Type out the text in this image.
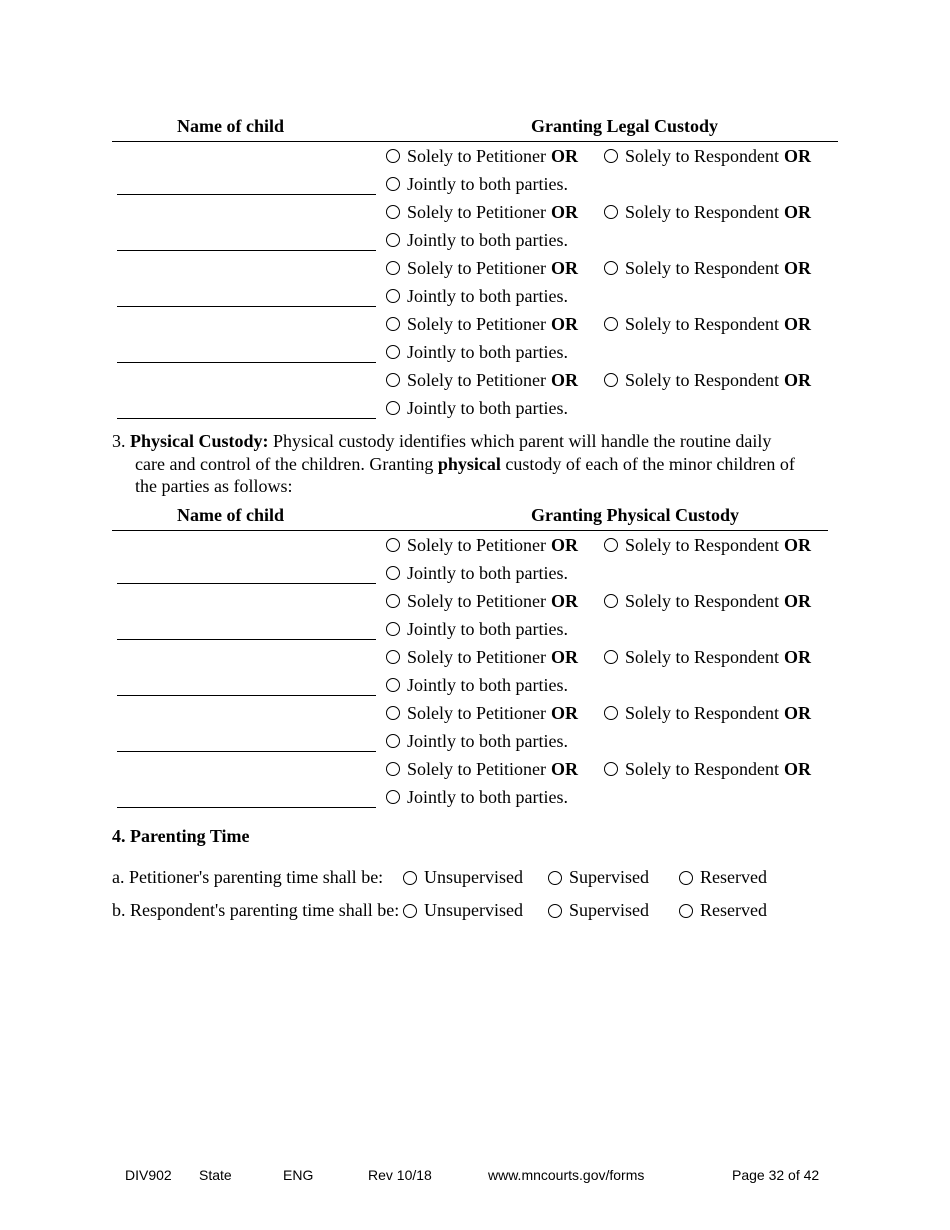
Name of child	Granting Legal Custody
Solely to Petitioner OR	Solely to Respondent OR
Jointly to both parties.
Solely to Petitioner OR	Solely to Respondent OR
Jointly to both parties.
Solely to Petitioner OR	Solely to Respondent OR
Jointly to both parties.
Solely to Petitioner OR	Solely to Respondent OR
Jointly to both parties.
Solely to Petitioner OR	Solely to Respondent OR
Jointly to both parties.
3. Physical Custody: Physical custody identifies which parent will handle the routine daily
care and control of the children. Granting physical custody of each of the minor children of
the parties as follows:
Name of child	Granting Physical Custody
Solely to Petitioner OR	Solely to Respondent OR
Jointly to both parties.
Solely to Petitioner OR	Solely to Respondent OR
Jointly to both parties.
Solely to Petitioner OR	Solely to Respondent OR
Jointly to both parties.
Solely to Petitioner OR	Solely to Respondent OR
Jointly to both parties.
Solely to Petitioner OR	Solely to Respondent OR
Jointly to both parties.
4. Parenting Time
a. Petitioner's parenting time shall be: Unsupervised	Supervised	Reserved
b. Respondent's parenting time shall be: Unsupervised	Supervised	Reserved
DIV902 State	ENG	Rev 10/18	www.mncourts.gov/forms	Page 32 of 42
